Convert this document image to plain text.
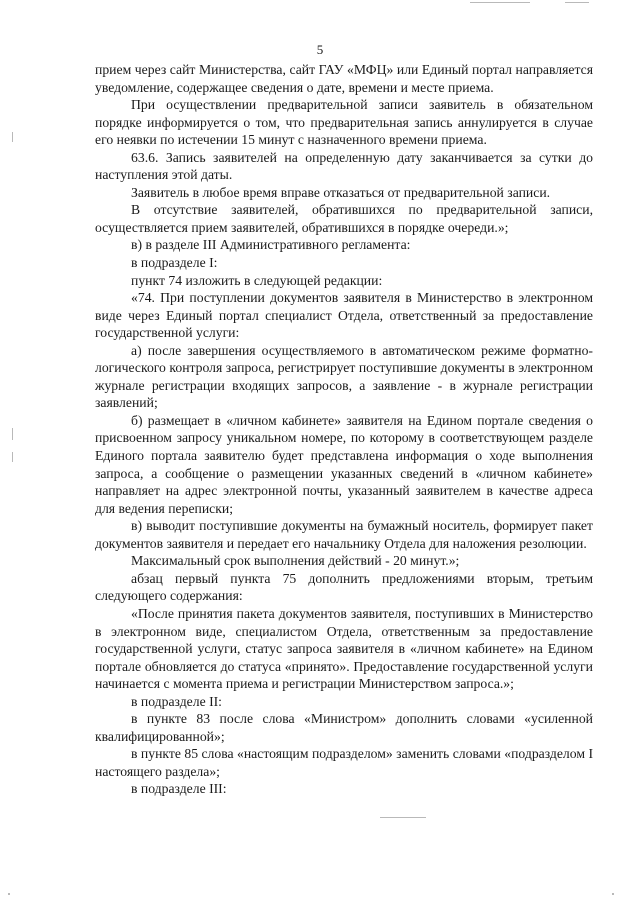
5

прием через сайт Министерства, сайт ГАУ «МФЦ» или Единый портал направляется уведомление, содержащее сведения о дате, времени и месте приема.

При осуществлении предварительной записи заявитель в обязательном порядке информируется о том, что предварительная запись аннулируется в случае его неявки по истечении 15 минут с назначенного времени приема.

63.6. Запись заявителей на определенную дату заканчивается за сутки до наступления этой даты.

Заявитель в любое время вправе отказаться от предварительной записи.

В отсутствие заявителей, обратившихся по предварительной записи, осуществляется прием заявителей, обратившихся в порядке очереди.»;

в) в разделе III Административного регламента:

в подразделе I:

пункт 74 изложить в следующей редакции:

«74. При поступлении документов заявителя в Министерство в электронном виде через Единый портал специалист Отдела, ответственный за предоставление государственной услуги:

а) после завершения осуществляемого в автоматическом режиме форматно-логического контроля запроса, регистрирует поступившие документы в электронном журнале регистрации входящих запросов, а заявление - в журнале регистрации заявлений;

б) размещает в «личном кабинете» заявителя на Едином портале сведения о присвоенном запросу уникальном номере, по которому в соответствующем разделе Единого портала заявителю будет представлена информация о ходе выполнения запроса, а сообщение о размещении указанных сведений в «личном кабинете» направляет на адрес электронной почты, указанный заявителем в качестве адреса для ведения переписки;

в) выводит поступившие документы на бумажный носитель, формирует пакет документов заявителя и передает его начальнику Отдела для наложения резолюции.

Максимальный срок выполнения действий - 20 минут.»;

абзац первый пункта 75 дополнить предложениями вторым, третьим следующего содержания:

«После принятия пакета документов заявителя, поступивших в Министерство в электронном виде, специалистом Отдела, ответственным за предоставление государственной услуги, статус запроса заявителя в «личном кабинете» на Едином портале обновляется до статуса «принято». Предоставление государственной услуги начинается с момента приема и регистрации Министерством запроса.»;

в подразделе II:

в пункте 83 после слова «Министром» дополнить словами «усиленной квалифицированной»;

в пункте 85 слова «настоящим подразделом» заменить словами «подразделом I настоящего раздела»;

в подразделе III:
